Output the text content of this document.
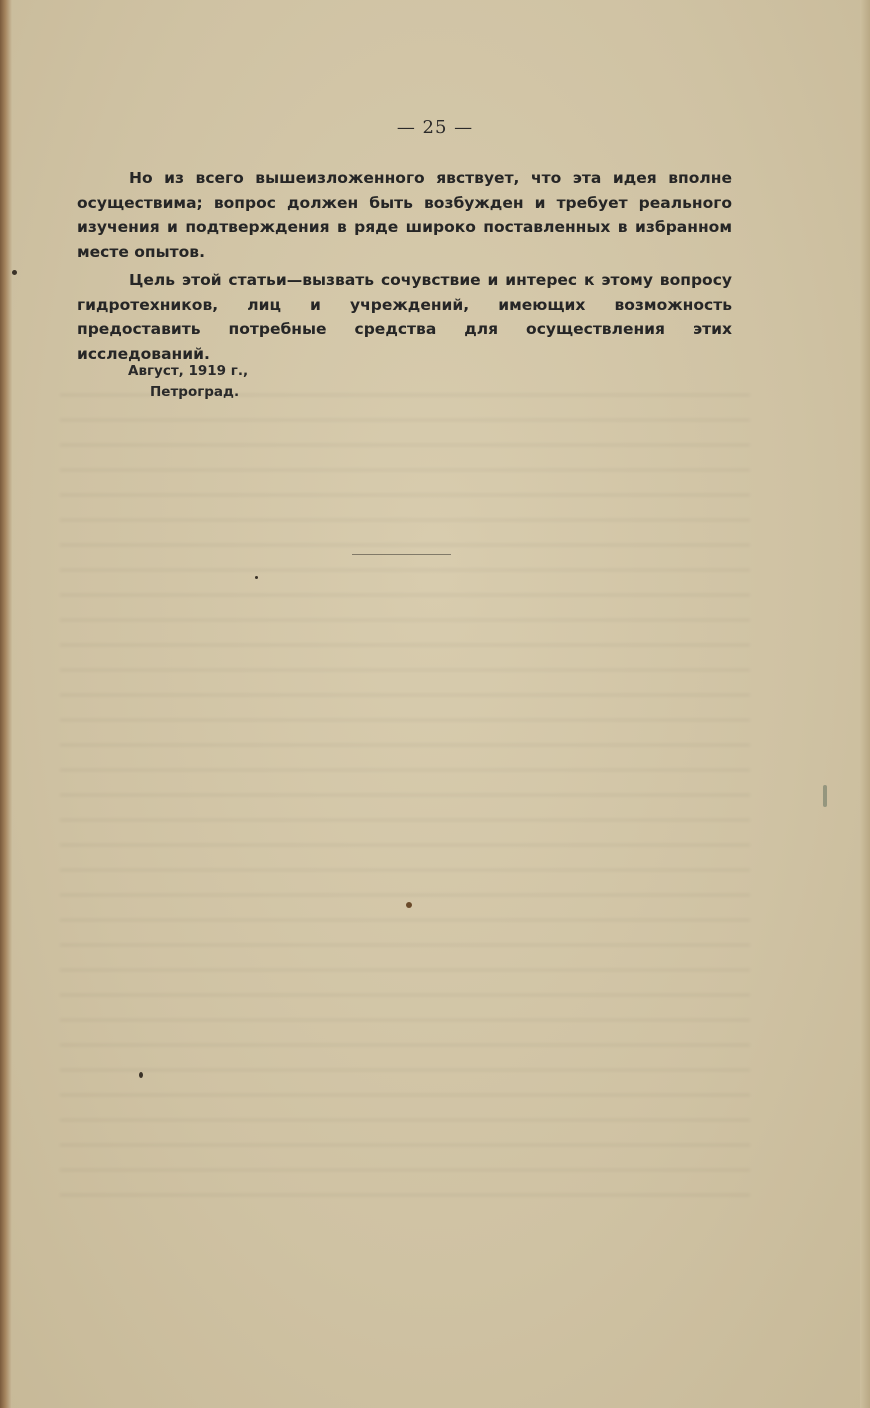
— 25 —

Но из всего вышеизложенного явствует, что эта идея вполне осуществима; вопрос должен быть возбужден и требует реального изучения и подтверждения в ряде широко поставленных в избранном месте опытов.

Цель этой статьи—вызвать сочувствие и интерес к этому вопросу гидротехников, лиц и учреждений, имеющих возможность предоставить потребные средства для осуществления этих исследований.

Август, 1919 г.,
Петроград.
